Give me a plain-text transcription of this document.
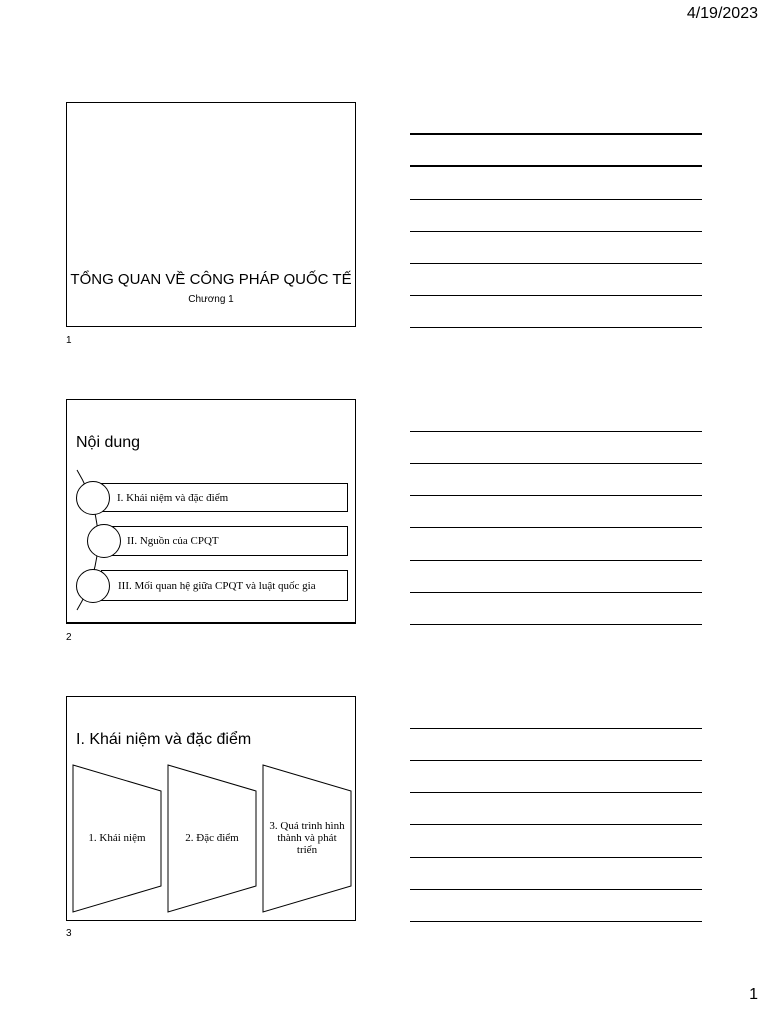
4/19/2023
TỔNG QUAN VỀ CÔNG PHÁP QUỐC TẾ
Chương 1
1
Nội dung
I. Khái niệm và đặc điểm
II. Nguồn của CPQT
III. Mối quan hệ giữa CPQT và luật quốc gia
2
I. Khái niệm và đặc điểm
1. Khái niệm	2. Đặc điểm
3. Quá trình hình thành và phát triển
3
1
